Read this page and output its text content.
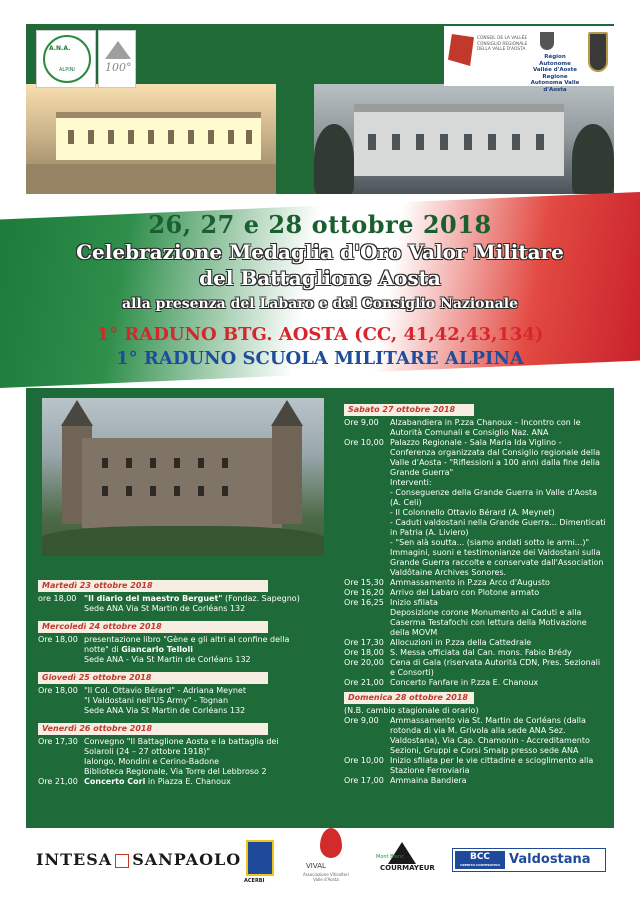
A.N.A.
ALPINI	100°
CONSEIL DE LA VALLÉE CONSIGLIO REGIONALE DELLA VALLE D'AOSTA
Région Autonome Vallée d'Aoste Regione Autonoma Valle d'Aosta
26, 27 e 28 ottobre 2018
Celebrazione Medaglia d'Oro Valor Militare
del Battaglione Aosta
alla presenza del Labaro e del Consiglio Nazionale
1° RADUNO BTG. AOSTA (CC, 41,42,43,134)
1° RADUNO SCUOLA MILITARE ALPINA
Martedì 23 ottobre 2018
ore 18,00 "Il diario del maestro Berguet" (Fondaz. Sapegno)
Sede ANA Via St Martin de Corléans 132
Mercoledì 24 ottobre 2018
Ore 18,00 presentazione libro "Gène e gli altri al confine della notte" di Giancarlo Telloli
Sede ANA - Via St Martin de Corléans 132
Giovedì 25 ottobre 2018
Ore 18,00 "Il Col. Ottavio Bérard" - Adriana Meynet
"I Valdostani nell'US Army" - Tognan
Sede ANA Via St Martin de Corléans 132
Venerdì 26 ottobre 2018
Ore 17,30 Convegno "Il Battaglione Aosta e la battaglia dei Solaroli (24 – 27 ottobre 1918)"
Ialongo, Mondini e Cerino-Badone
Biblioteca Regionale, Via Torre del Lebbroso 2
Ore 21,00 Concerto Cori in Piazza E. Chanoux
Sabato 27 ottobre 2018
Ore 9,00	Alzabandiera in P.zza Chanoux – Incontro con le Autorità Comunali e Consiglio Naz. ANA
Ore 10,00 Palazzo Regionale - Sala Maria Ida Viglino - Conferenza organizzata dal Consiglio regionale della Valle d'Aosta - "Riflessioni a 100 anni dalla fine della Grande Guerra"
Interventi:
- Conseguenze della Grande Guerra in Valle d'Aosta (A. Celi)
- Il Colonnello Ottavio Bérard (A. Meynet)
- Caduti valdostani nella Grande Guerra... Dimenticati in Patria (A. Liviero)
- "Sen alà soutta... (siamo andati sotto le armi...)" Immagini, suoni e testimonianze dei Valdostani sulla Grande Guerra raccolte e conservate dall'Association Valdôtaine Archives Sonores.
Ore 15,30 Ammassamento in P.zza Arco d'Augusto
Ore 16,20 Arrivo del Labaro con Plotone armato
Ore 16,25 Inizio sfilata
Deposizione corone Monumento ai Caduti e alla Caserma Testafochi con lettura della Motivazione della MOVM
Ore 17,30 Allocuzioni in P.zza della Cattedrale
Ore 18,00 S. Messa officiata dal Can. mons. Fabio Brédy
Ore 20,00 Cena di Gala (riservata Autorità CDN, Pres. Sezionali e Consorti)
Ore 21,00 Concerto Fanfare in P.zza E. Chanoux
Domenica 28 ottobre 2018
(N.B. cambio stagionale di orario)
Ore 9,00	Ammassamento via St. Martin de Corléans (dalla rotonda di via M. Grivola alla sede ANA Sez. Valdostana), Via Cap. Chamonin - Accreditamento Sezioni, Gruppi e Corsi Smalp presso sede ANA
Ore 10,00 Inizio sfilata per le vie cittadine e scioglimento alla Stazione Ferroviaria
Ore 17,00 Ammaina Bandiera
INTESA SANPAOLO
ACERBI
VIVAL
Associazione Viticoltori Valle d'Aosta
Mont Blanc
COURMAYEUR
BCC
CREDITO COOPERATIVO Valdostana
